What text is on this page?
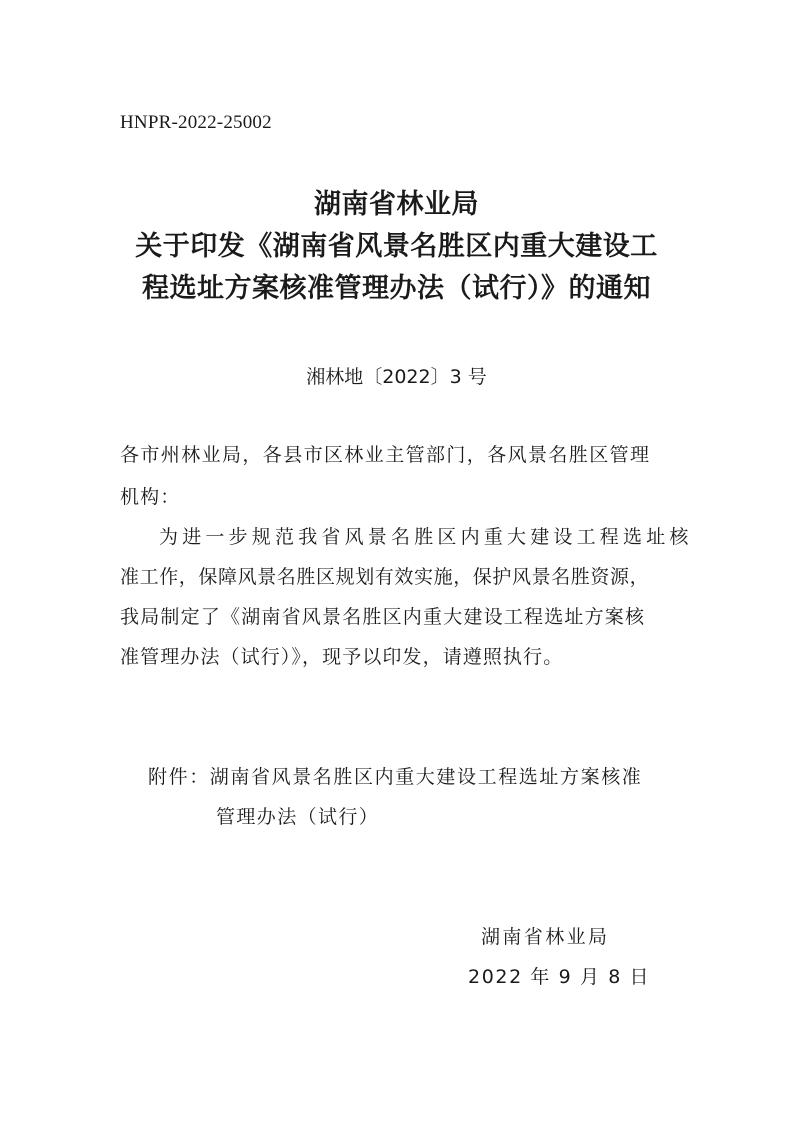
HNPR-2022-25002
湖南省林业局
关于印发《湖南省风景名胜区内重大建设工
程选址方案核准管理办法（试行）》的通知
湘林地〔2022〕3 号
各市州林业局，各县市区林业主管部门，各风景名胜区管理
机构：
为进一步规范我省风景名胜区内重大建设工程选址核
准工作，保障风景名胜区规划有效实施，保护风景名胜资源，
我局制定了《湖南省风景名胜区内重大建设工程选址方案核
准管理办法（试行）》，现予以印发，请遵照执行。
附件：湖南省风景名胜区内重大建设工程选址方案核准
管理办法（试行）
湖南省林业局
2022 年 9 月 8 日
